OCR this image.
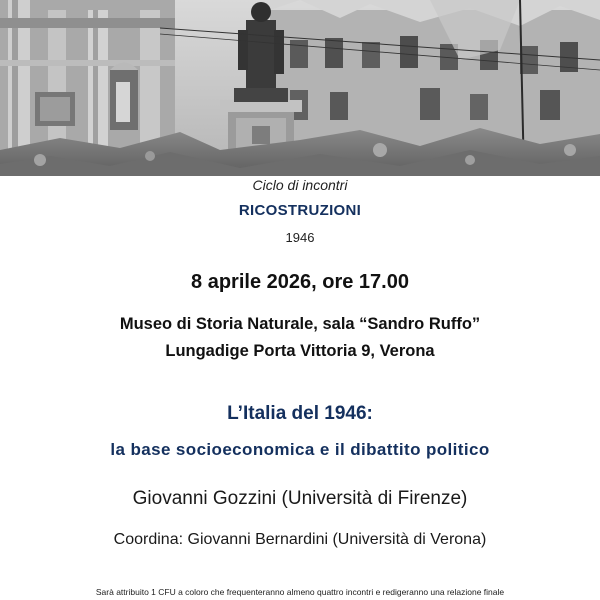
Ciclo di incontri
RICOSTRUZIONI
1946
8 aprile 2026, ore 17.00
Museo di Storia Naturale, sala “Sandro Ruffo”
Lungadige Porta Vittoria 9, Verona
L’Italia del 1946:
la base socioeconomica e il dibattito politico
Giovanni Gozzini (Università di Firenze)
Coordina: Giovanni Bernardini (Università di Verona)
Sarà attribuito 1 CFU a coloro che frequenteranno almeno quattro incontri e redigeranno una relazione finale
